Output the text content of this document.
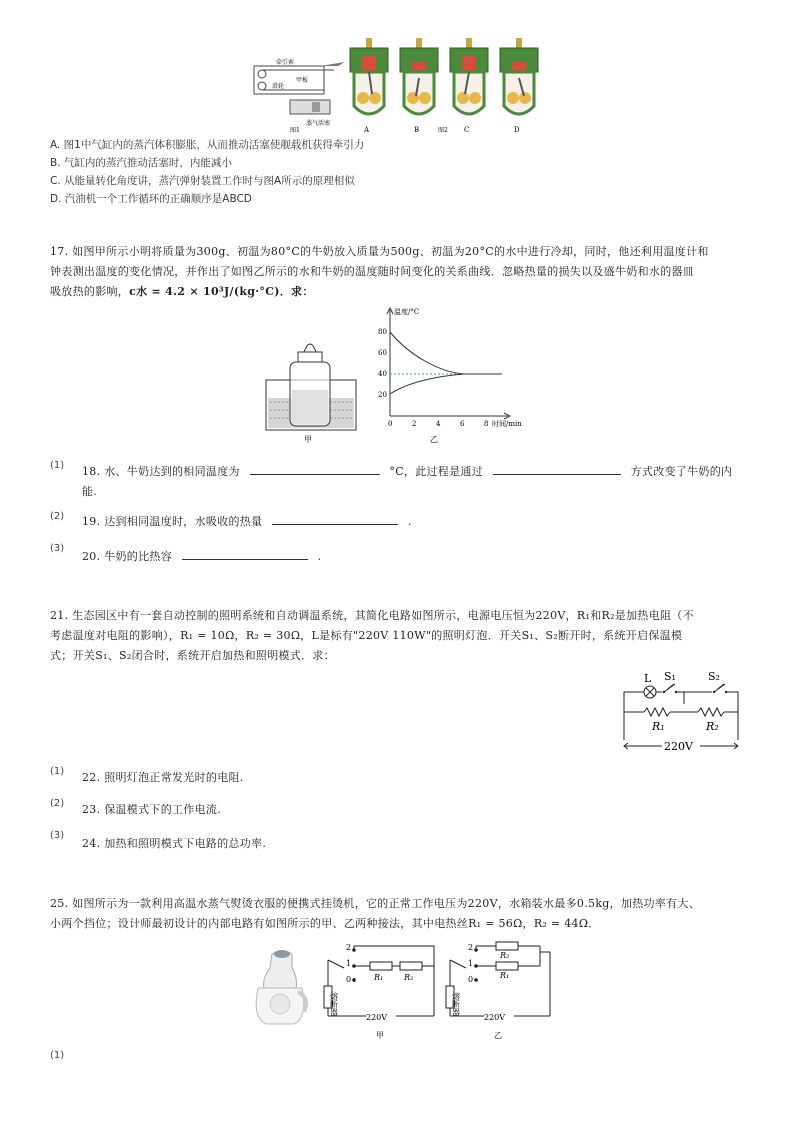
牵引索
滑轮
甲板
蒸气活塞
图1	A	B	图2 C	D
A. 图1中气缸内的蒸汽体积膨胀，从而推动活塞使舰载机获得牵引力
B. 气缸内的蒸汽推动活塞时，内能减小
C. 从能量转化角度讲，蒸汽弹射装置工作时与图A所示的原理相似
D. 汽油机一个工作循环的正确顺序是ABCD
17. 如图甲所示小明将质量为300g、初温为80°C的牛奶放入质量为500g、初温为20°C的水中进行冷却，同时，他还利用温度计和
钟表测出温度的变化情况，并作出了如图乙所示的水和牛奶的温度随时间变化的关系曲线．忽略热量的损失以及盛牛奶和水的器皿
吸放热的影响，c水 = 4.2 × 10³J/(kg·°C)．求：
甲
温度/°C
时间/min
80
60
40
20
0	2	4	6	8
乙
(1) 18. 水、牛奶达到的相同温度为	°C，此过程是通过	方式改变了牛奶的内
能.
(2) 19. 达到相同温度时，水吸收的热量	.
(3)
20. 牛奶的比热容	.
21. 生态园区中有一套自动控制的照明系统和自动调温系统，其简化电路如图所示，电源电压恒为220V，R₁和R₂是加热电阻（不
考虑温度对电阻的影响），R₁ = 10Ω，R₂ = 30Ω，L是标有"220V 110W"的照明灯泡．开关S₁、S₂断开时，系统开启保温模
式；开关S₁、S₂闭合时，系统开启加热和照明模式．求：
L S₁	S₂
R₁	R₂
220V
(1) 22. 照明灯泡正常发光时的电阻.
(2) 23. 保温模式下的工作电流.
(3)
24. 加热和照明模式下电路的总功率.
25. 如图所示为一款利用高温水蒸气熨烫衣服的便携式挂烫机，它的正常工作电压为220V，水箱装水最多0.5kg，加热功率有大、
小两个挡位；设计师最初设计的内部电路有如图所示的甲、乙两种接法，其中电热丝R₁ = 56Ω，R₂ = 44Ω．
2
1
0	R₁	R₂
熔断器
220V
甲
2
1
0
R₂
R₁
熔断器
220V
乙
(1)
